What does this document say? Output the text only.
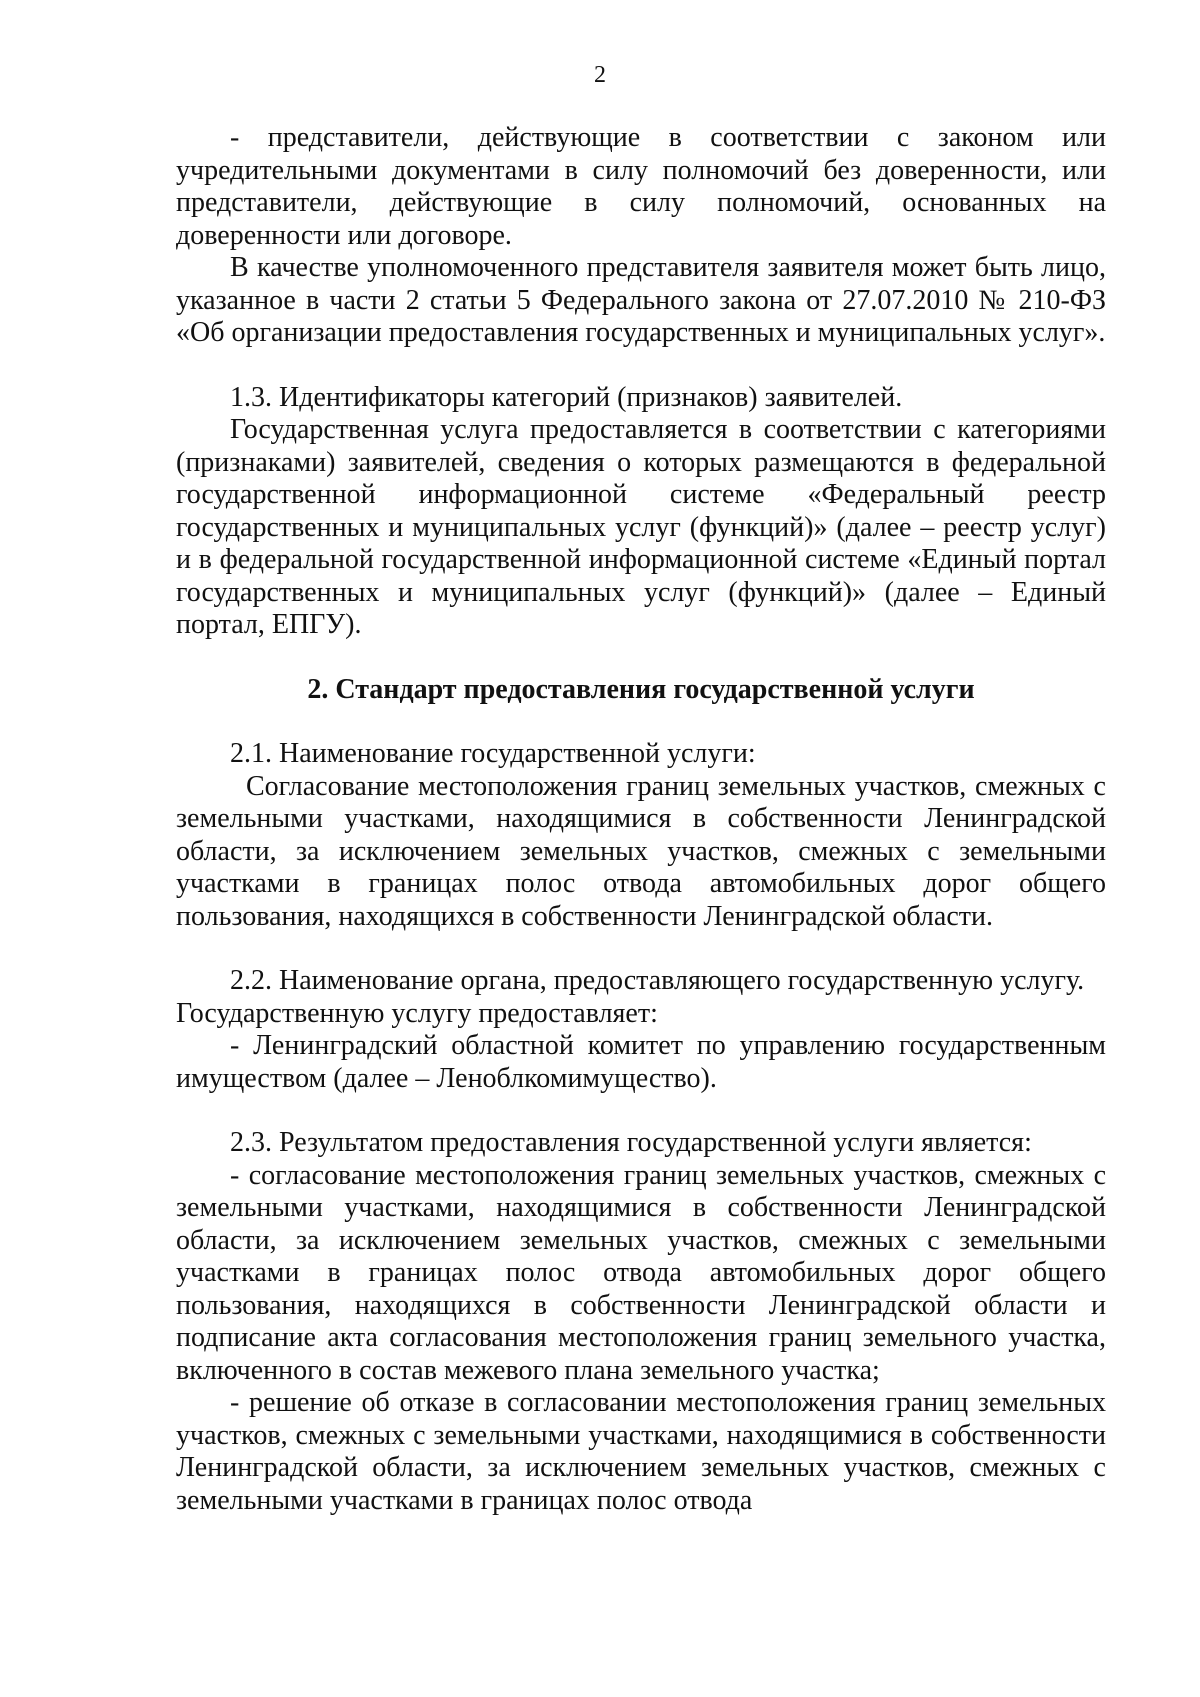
2

- представители, действующие в соответствии с законом или учредительными документами в силу полномочий без доверенности, или представители, действующие в силу полномочий, основанных на доверенности или договоре.

В качестве уполномоченного представителя заявителя может быть лицо, указанное в части 2 статьи 5 Федерального закона от 27.07.2010 № 210-ФЗ «Об организации предоставления государственных и муниципальных услуг».

1.3. Идентификаторы категорий (признаков) заявителей.

Государственная услуга предоставляется в соответствии с категориями (признаками) заявителей, сведения о которых размещаются в федеральной государственной информационной системе «Федеральный реестр государственных и муниципальных услуг (функций)» (далее – реестр услуг) и в федеральной государственной информационной системе «Единый портал государственных и муниципальных услуг (функций)» (далее – Единый портал, ЕПГУ).

2. Стандарт предоставления государственной услуги

2.1. Наименование государственной услуги:

Согласование местоположения границ земельных участков, смежных с земельными участками, находящимися в собственности Ленинградской области, за исключением земельных участков, смежных с земельными участками в границах полос отвода автомобильных дорог общего пользования, находящихся в собственности Ленинградской области.

2.2. Наименование органа, предоставляющего государственную услугу.

Государственную услугу предоставляет:

- Ленинградский областной комитет по управлению государственным имуществом (далее – Леноблкомимущество).

2.3. Результатом предоставления государственной услуги является:

- согласование местоположения границ земельных участков, смежных с земельными участками, находящимися в собственности Ленинградской области, за исключением земельных участков, смежных с земельными участками в границах полос отвода автомобильных дорог общего пользования, находящихся в собственности Ленинградской области и подписание акта согласования местоположения границ земельного участка, включенного в состав межевого плана земельного участка;

- решение об отказе в согласовании местоположения границ земельных участков, смежных с земельными участками, находящимися в собственности Ленинградской области, за исключением земельных участков, смежных с земельными участками в границах полос отвода
